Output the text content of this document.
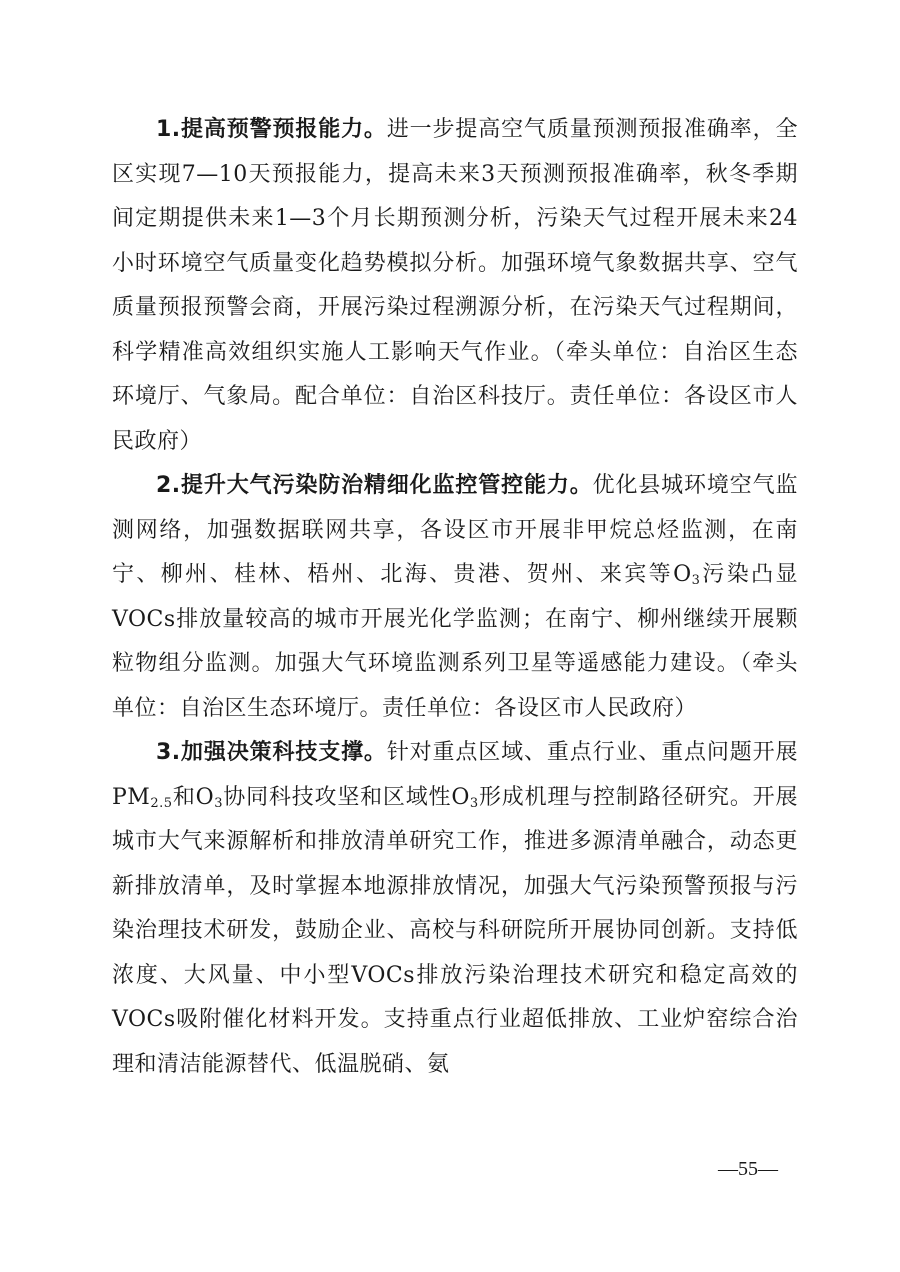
1.提高预警预报能力。进一步提高空气质量预测预报准确率，全区实现7—10天预报能力，提高未来3天预测预报准确率，秋冬季期间定期提供未来1—3个月长期预测分析，污染天气过程开展未来24小时环境空气质量变化趋势模拟分析。加强环境气象数据共享、空气质量预报预警会商，开展污染过程溯源分析，在污染天气过程期间，科学精准高效组织实施人工影响天气作业。（牵头单位：自治区生态环境厅、气象局。配合单位：自治区科技厅。责任单位：各设区市人民政府）

2.提升大气污染防治精细化监控管控能力。优化县城环境空气监测网络，加强数据联网共享，各设区市开展非甲烷总烃监测，在南宁、柳州、桂林、梧州、北海、贵港、贺州、来宾等$O_3$污染凸显VOCs排放量较高的城市开展光化学监测；在南宁、柳州继续开展颗粒物组分监测。加强大气环境监测系列卫星等遥感能力建设。（牵头单位：自治区生态环境厅。责任单位：各设区市人民政府）

3.加强决策科技支撑。针对重点区域、重点行业、重点问题开展$PM_{2.5}$和$O_3$协同科技攻坚和区域性$O_3$形成机理与控制路径研究。开展城市大气来源解析和排放清单研究工作，推进多源清单融合，动态更新排放清单，及时掌握本地源排放情况，加强大气污染预警预报与污染治理技术研发，鼓励企业、高校与科研院所开展协同创新。支持低浓度、大风量、中小型VOCs排放污染治理技术研究和稳定高效的VOCs吸附催化材料开发。支持重点行业超低排放、工业炉窑综合治理和清洁能源替代、低温脱硝、氨

—55—
